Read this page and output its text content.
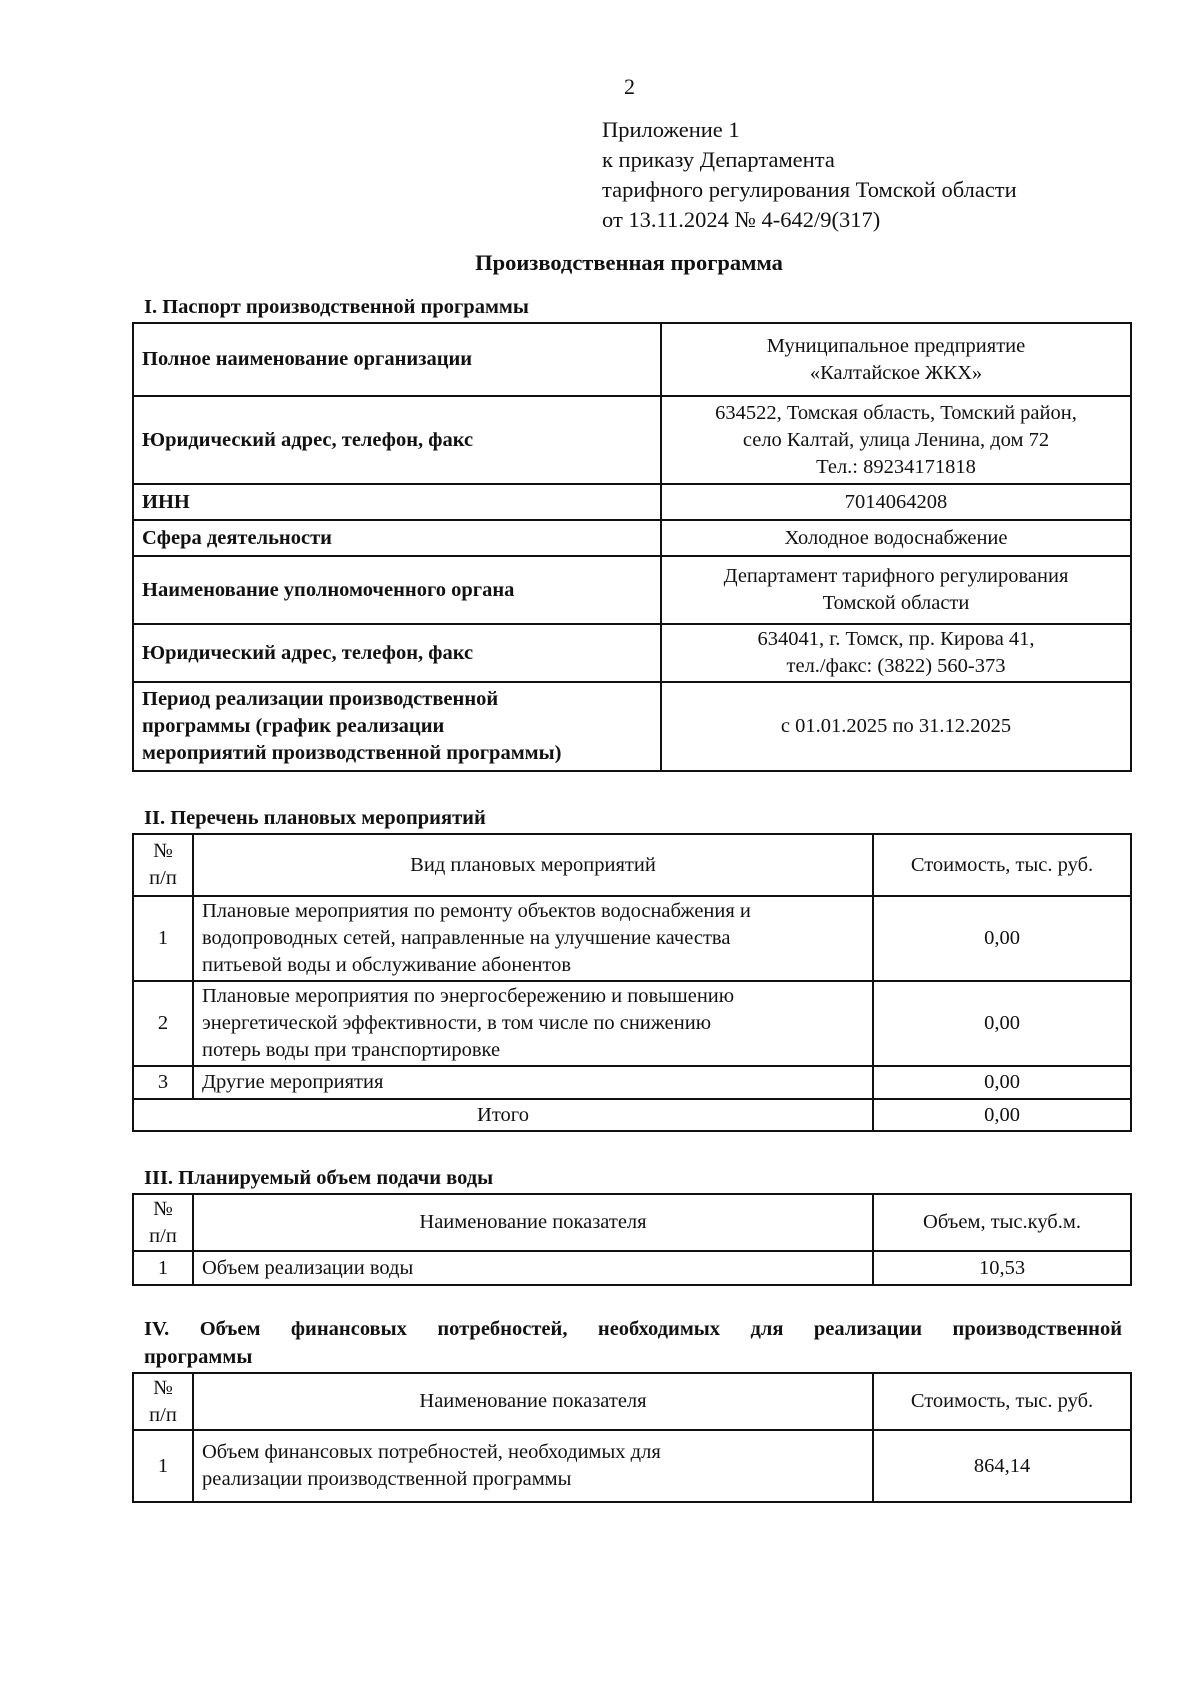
2
Приложение 1
к приказу Департамента
тарифного регулирования Томской области
от 13.11.2024 № 4-642/9(317)
Производственная программа
I. Паспорт производственной программы
Полное наименование организации	Муниципальное предприятие
«Калтайское ЖКХ»

Юридический адрес, телефон, факс	634522, Томская область, Томский район,
село Калтай, улица Ленина, дом 72
Тел.: 89234171818

ИНН	7014064208
Сфера деятельности	Холодное водоснабжение
Наименование уполномоченного органа	Департамент тарифного регулирования
Томской области

Юридический адрес, телефон, факс	634041, г. Томск, пр. Кирова 41,
тел./факс: (3822) 560-373

Период реализации производственной
программы (график реализации
мероприятий производственной программы)	с 01.01.2025 по 31.12.2025
II. Перечень плановых мероприятий
№
п/п	Вид плановых мероприятий	Стоимость, тыс. руб.
1	Плановые мероприятия по ремонту объектов водоснабжения и
водопроводных сетей, направленные на улучшение качества
питьевой воды и обслуживание абонентов	0,00
2	Плановые мероприятия по энергосбережению и повышению
энергетической эффективности, в том числе по снижению
потерь воды при транспортировке	0,00
3	Другие мероприятия	0,00
Итого		0,00
III. Планируемый объем подачи воды
№
п/п	Наименование показателя	Объем, тыс.куб.м.
1	Объем реализации воды	10,53
IV. Объем финансовых потребностей, необходимых для реализации производственной
программы
№
п/п	Наименование показателя	Стоимость, тыс. руб.
1	Объем финансовых потребностей, необходимых для
реализации производственной программы	864,14
